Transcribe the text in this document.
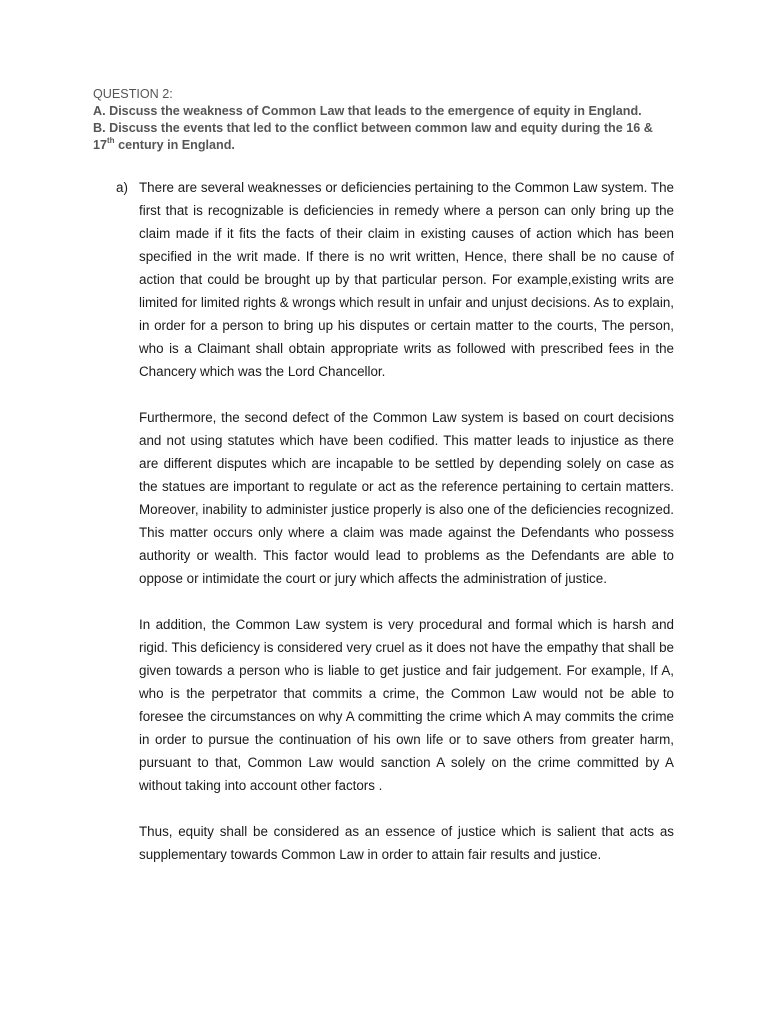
QUESTION 2:
A. Discuss the weakness of Common Law that leads to the emergence of equity in England.
B. Discuss the events that led to the conflict between common law and equity during the 16 &
17th century in England.
a) There are several weaknesses or deficiencies pertaining to the Common Law system. The first that is recognizable is deficiencies in remedy where a person can only bring up the claim made if it fits the facts of their claim in existing causes of action which has been specified in the writ made. If there is no writ written, Hence, there shall be no cause of action that could be brought up by that particular person. For example,existing writs are limited for limited rights & wrongs which result in unfair and unjust decisions. As to explain, in order for a person to bring up his disputes or certain matter to the courts, The person, who is a Claimant shall obtain appropriate writs as followed with prescribed fees in the Chancery which was the Lord Chancellor.

Furthermore, the second defect of the Common Law system is based on court decisions and not using statutes which have been codified. This matter leads to injustice as there are different disputes which are incapable to be settled by depending solely on case as the statues are important to regulate or act as the reference pertaining to certain matters. Moreover, inability to administer justice properly is also one of the deficiencies recognized. This matter occurs only where a claim was made against the Defendants who possess authority or wealth. This factor would lead to problems as the Defendants are able to oppose or intimidate the court or jury which affects the administration of justice.

In addition, the Common Law system is very procedural and formal which is harsh and rigid. This deficiency is considered very cruel as it does not have the empathy that shall be given towards a person who is liable to get justice and fair judgement. For example, If A, who is the perpetrator that commits a crime, the Common Law would not be able to foresee the circumstances on why A committing the crime which A may commits the crime in order to pursue the continuation of his own life or to save others from greater harm, pursuant to that, Common Law would sanction A solely on the crime committed by A without taking into account other factors .

Thus, equity shall be considered as an essence of justice which is salient that acts as supplementary towards Common Law in order to attain fair results and justice.
